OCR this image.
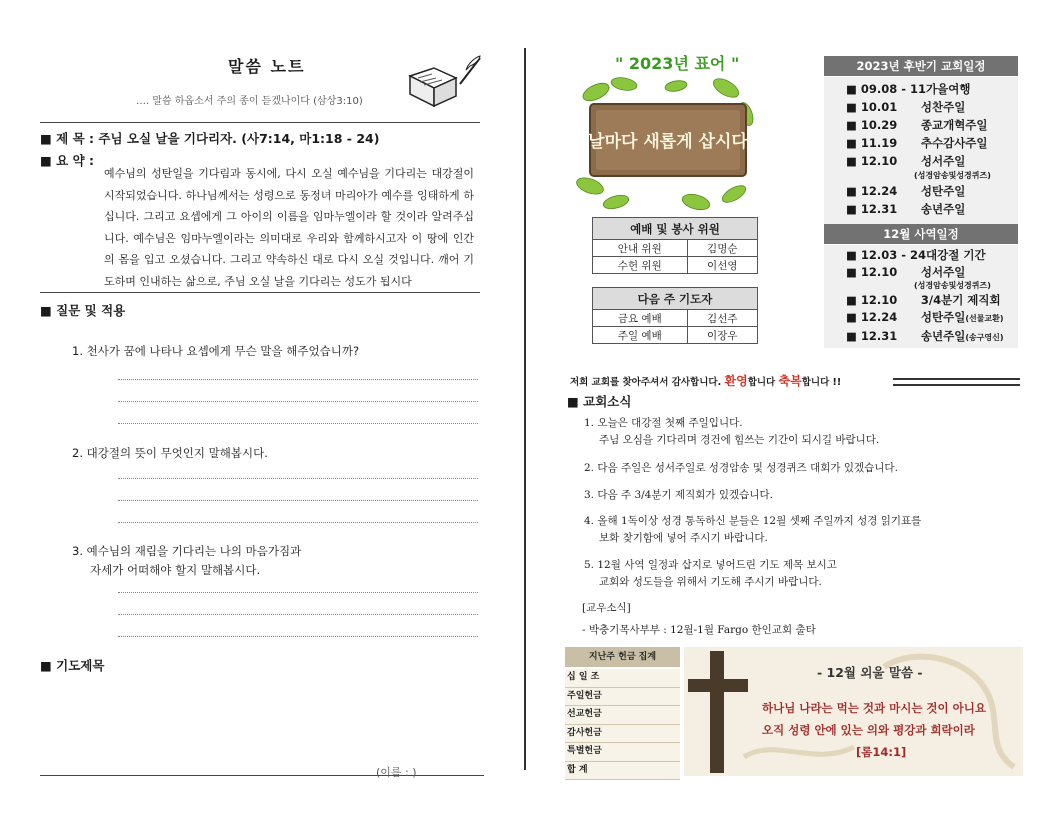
말씀 노트
…. 말씀 하옵소서 주의 종이 듣겠나이다 (삼상3:10)
■ 제 목 : 주님 오실 날을 기다리자. (사7:14, 마1:18 - 24)
■ 요 약 :
예수님의 성탄일을 기다림과 동시에, 다시 오실 예수님을 기다리는 대강절이 시작되었습니다. 하나님께서는 성령으로 동정녀 마리아가 예수를 잉태하게 하십니다. 그리고 요셉에게 그 아이의 이름을 임마누엘이라 할 것이라 알려주십니다. 예수님은 임마누엘이라는 의미대로 우리와 함께하시고자 이 땅에 인간의 몸을 입고 오셨습니다. 그리고 약속하신 대로 다시 오실 것입니다. 깨어 기도하며 인내하는 삶으로, 주님 오실 날을 기다리는 성도가 됩시다
■ 질문 및 적용
1. 천사가 꿈에 나타나 요셉에게 무슨 말을 해주었습니까?
2. 대강절의 뜻이 무엇인지 말해봅시다.
3. 예수님의 재림을 기다리는 나의 마음가짐과
자세가 어떠해야 할지 말해봅시다.
■ 기도제목
(이름 : )
" 2023년 표어 "
날마다 새롭게 삽시다
예배 및 봉사 위원	
안내 위원	김명순
수헌 위원	이선영
다음 주 기도자	
금요 예배	김선주
주일 예배	이장우
2023년 후반기 교회일정
■ 09.08 - 11가을여행
■ 10.01 성찬주일
■ 10.29 종교개혁주일
■ 11.19 추수감사주일
■ 12.10 성서주일
(성경암송및성경퀴즈)
■ 12.24 성탄주일
■ 12.31 송년주일
12월 사역일정
■ 12.03 - 24대강절 기간
■ 12.10 성서주일
(성경암송및성경퀴즈)
■ 12.10 3/4분기 제직회
■ 12.24 성탄주일(선물교환)
■ 12.31 송년주일(송구영신)
저희 교회를 찾아주셔서 감사합니다. 환영합니다 축복합니다 !!
■ 교회소식
1. 오늘은 대강절 첫째 주일입니다.
주님 오심을 기다리며 경건에 힘쓰는 기간이 되시길 바랍니다.
2. 다음 주일은 성서주일로 성경암송 및 성경퀴즈 대회가 있겠습니다.
3. 다음 주 3/4분기 제직회가 있겠습니다.
4. 올해 1독이상 성경 통독하신 분들은 12월 셋째 주일까지 성경 읽기표를
보화 찾기함에 넣어 주시기 바랍니다.
5. 12월 사역 일정과 삽지로 넣어드린 기도 제목 보시고
교회와 성도들을 위해서 기도해 주시기 바랍니다.
[교우소식]
- 박충기목사부부 : 12월-1월 Fargo 한인교회 출타
지난주 헌금 집계
십 일 조
주일헌금
선교헌금
감사헌금
특별헌금
합 계
- 12월 외울 말씀 -
하나님 나라는 먹는 것과 마시는 것이 아니요
오직 성령 안에 있는 의와 평강과 희락이라
[롬14:1]
